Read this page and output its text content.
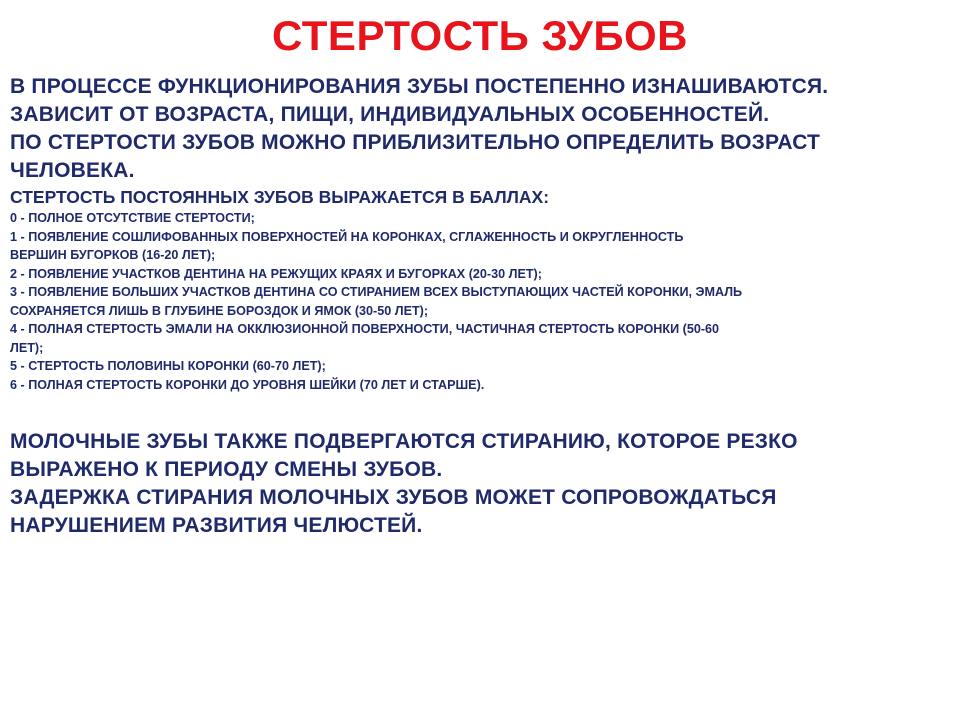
СТЕРТОСТЬ ЗУБОВ

В ПРОЦЕССЕ ФУНКЦИОНИРОВАНИЯ ЗУБЫ ПОСТЕПЕННО ИЗНАШИВАЮТСЯ.

ЗАВИСИТ ОТ ВОЗРАСТА, ПИЩИ, ИНДИВИДУАЛЬНЫХ ОСОБЕННОСТЕЙ.

ПО СТЕРТОСТИ ЗУБОВ МОЖНО ПРИБЛИЗИТЕЛЬНО ОПРЕДЕЛИТЬ ВОЗРАСТ

ЧЕЛОВЕКА.

СТЕРТОСТЬ ПОСТОЯННЫХ ЗУБОВ ВЫРАЖАЕТСЯ В БАЛЛАХ:

0 - ПОЛНОЕ ОТСУТСТВИЕ СТЕРТОСТИ;

1 - ПОЯВЛЕНИЕ СОШЛИФОВАННЫХ ПОВЕРХНОСТЕЙ НА КОРОНКАХ, СГЛАЖЕННОСТЬ И ОКРУГЛЕННОСТЬ

ВЕРШИН БУГОРКОВ (16-20 ЛЕТ);

2 - ПОЯВЛЕНИЕ УЧАСТКОВ ДЕНТИНА НА РЕЖУЩИХ КРАЯХ И БУГОРКАХ (20-30 ЛЕТ);

3 - ПОЯВЛЕНИЕ БОЛЬШИХ УЧАСТКОВ ДЕНТИНА СО СТИРАНИЕМ ВСЕХ ВЫСТУПАЮЩИХ ЧАСТЕЙ КОРОНКИ, ЭМАЛЬ

СОХРАНЯЕТСЯ ЛИШЬ В ГЛУБИНЕ БОРОЗДОК И ЯМОК (30-50 ЛЕТ);

4 - ПОЛНАЯ СТЕРТОСТЬ ЭМАЛИ НА ОККЛЮЗИОННОЙ ПОВЕРХНОСТИ, ЧАСТИЧНАЯ СТЕРТОСТЬ КОРОНКИ (50-60

ЛЕТ);

5 - СТЕРТОСТЬ ПОЛОВИНЫ КОРОНКИ (60-70 ЛЕТ);

6 - ПОЛНАЯ СТЕРТОСТЬ КОРОНКИ ДО УРОВНЯ ШЕЙКИ (70 ЛЕТ И СТАРШЕ).

МОЛОЧНЫЕ ЗУБЫ ТАКЖЕ ПОДВЕРГАЮТСЯ СТИРАНИЮ, КОТОРОЕ РЕЗКО

ВЫРАЖЕНО К ПЕРИОДУ СМЕНЫ ЗУБОВ.

ЗАДЕРЖКА СТИРАНИЯ МОЛОЧНЫХ ЗУБОВ МОЖЕТ СОПРОВОЖДАТЬСЯ

НАРУШЕНИЕМ РАЗВИТИЯ ЧЕЛЮСТЕЙ.
